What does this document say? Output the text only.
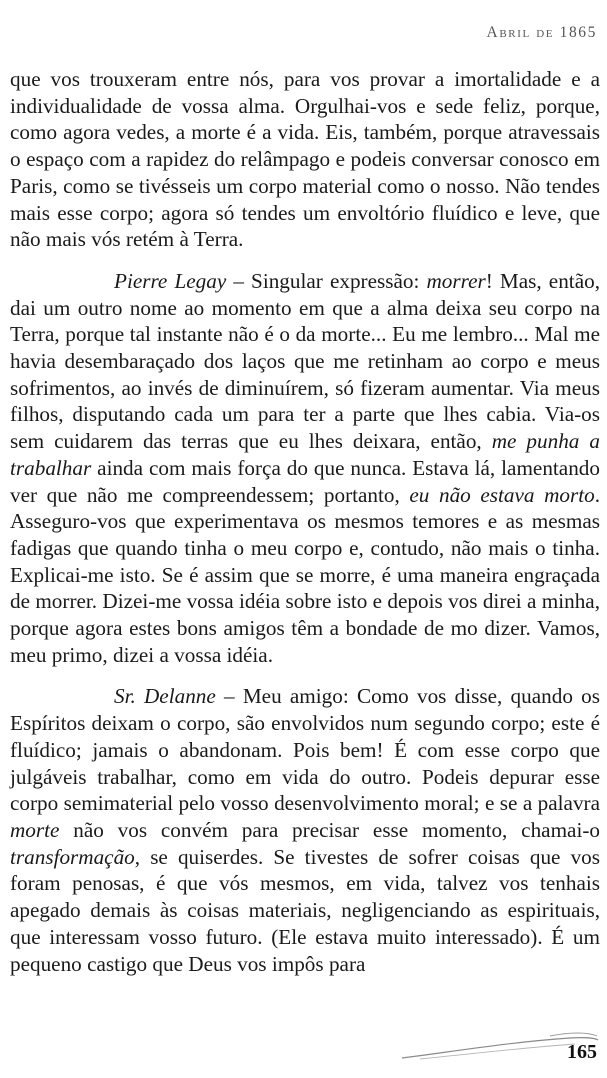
Abril de 1865

que vos trouxeram entre nós, para vos provar a imortalidade e a individualidade de vossa alma. Orgulhai-vos e sede feliz, porque, como agora vedes, a morte é a vida. Eis, também, porque atravessais o espaço com a rapidez do relâmpago e podeis conversar conosco em Paris, como se tivésseis um corpo material como o nosso. Não tendes mais esse corpo; agora só tendes um envoltório fluídico e leve, que não mais vós retém à Terra.

Pierre Legay – Singular expressão: morrer! Mas, então, dai um outro nome ao momento em que a alma deixa seu corpo na Terra, porque tal instante não é o da morte... Eu me lembro... Mal me havia desembaraçado dos laços que me retinham ao corpo e meus sofrimentos, ao invés de diminuírem, só fizeram aumentar. Via meus filhos, disputando cada um para ter a parte que lhes cabia. Via-os sem cuidarem das terras que eu lhes deixara, então, me punha a trabalhar ainda com mais força do que nunca. Estava lá, lamentando ver que não me compreendessem; portanto, eu não estava morto. Asseguro-vos que experimentava os mesmos temores e as mesmas fadigas que quando tinha o meu corpo e, contudo, não mais o tinha. Explicai-me isto. Se é assim que se morre, é uma maneira engraçada de morrer. Dizei-me vossa idéia sobre isto e depois vos direi a minha, porque agora estes bons amigos têm a bondade de mo dizer. Vamos, meu primo, dizei a vossa idéia.

Sr. Delanne – Meu amigo: Como vos disse, quando os Espíritos deixam o corpo, são envolvidos num segundo corpo; este é fluídico; jamais o abandonam. Pois bem! É com esse corpo que julgáveis trabalhar, como em vida do outro. Podeis depurar esse corpo semimaterial pelo vosso desenvolvimento moral; e se a palavra morte não vos convém para precisar esse momento, chamai-o transformação, se quiserdes. Se tivestes de sofrer coisas que vos foram penosas, é que vós mesmos, em vida, talvez vos tenhais apegado demais às coisas materiais, negligenciando as espirituais, que interessam vosso futuro. (Ele estava muito interessado). É um pequeno castigo que Deus vos impôs para

165
